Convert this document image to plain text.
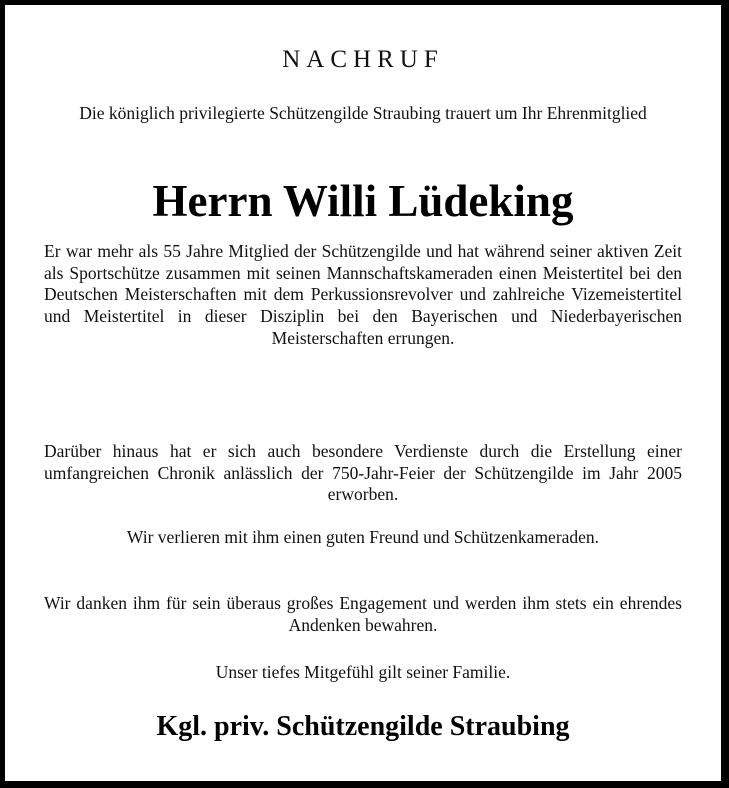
NACHRUF
Die königlich privilegierte Schützengilde Straubing trauert um Ihr Ehrenmitglied
Herrn Willi Lüdeking
Er war mehr als 55 Jahre Mitglied der Schützengilde und hat während seiner aktiven Zeit als Sportschütze zusammen mit seinen Mannschaftskameraden einen Meistertitel bei den Deutschen Meisterschaften mit dem Perkussionsrevolver und zahlreiche Vizemeistertitel und Meistertitel in dieser Disziplin bei den Bayerischen und Niederbayerischen Meisterschaften errungen.
Darüber hinaus hat er sich auch besondere Verdienste durch die Erstellung einer umfangreichen Chronik anlässlich der 750-Jahr-Feier der Schützengilde im Jahr 2005 erworben.
Wir verlieren mit ihm einen guten Freund und Schützenkameraden.
Wir danken ihm für sein überaus großes Engagement und werden ihm stets ein ehrendes Andenken bewahren.
Unser tiefes Mitgefühl gilt seiner Familie.
Kgl. priv. Schützengilde Straubing
